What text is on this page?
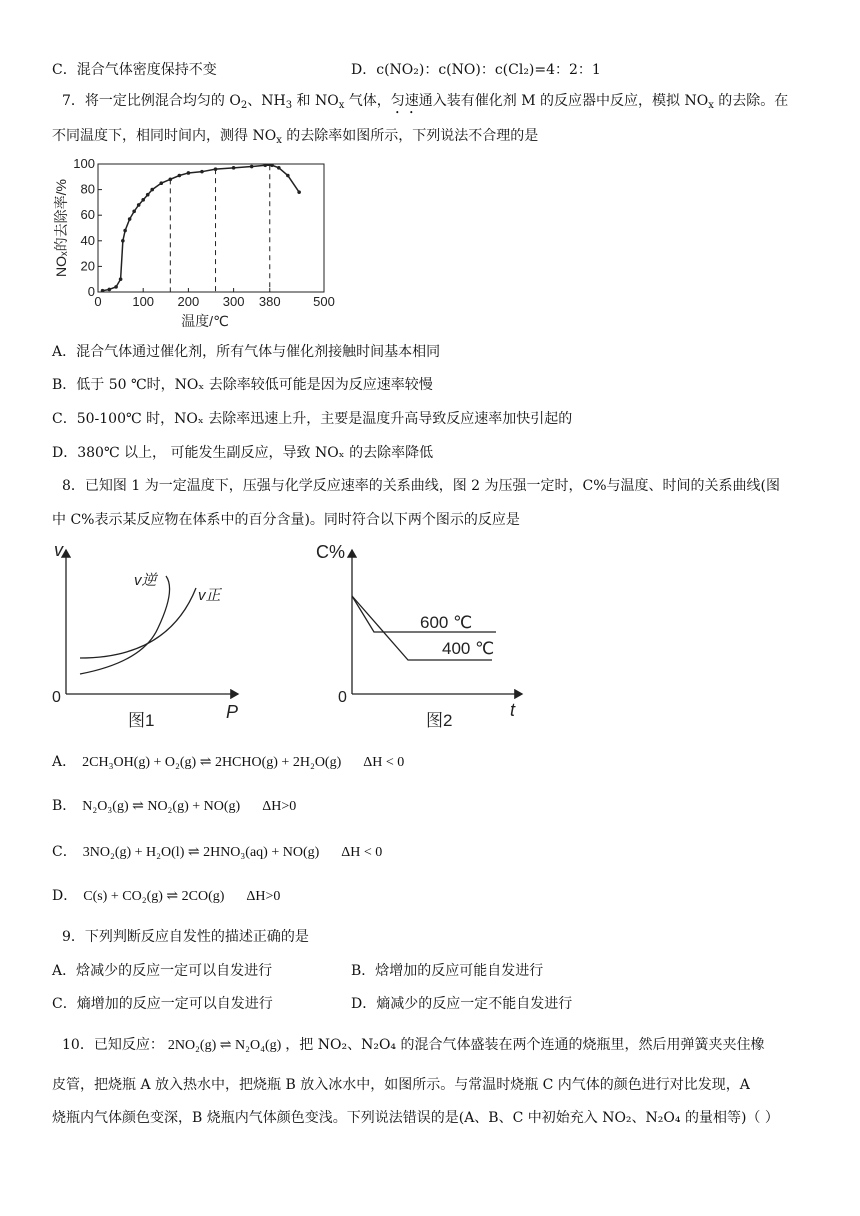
C．混合气体密度保持不变	D．c(NO₂)：c(NO)：c(Cl₂)=4：2：1
7．将一定比例混合均匀的 $O_2$、$NH_3$ 和 $NO_x$ 气体，匀速通入装有催化剂 M 的反应器中反应，模拟 $NO_x$ 的去除。在
不同温度下，相同时间内，测得 $NO_x$ 的去除率如图所示，下列说法不合理的是
0 100 200 300 380	500
0
20
40
60
80
100
温度/℃
NOₓ的去除率/%
A．混合气体通过催化剂，所有气体与催化剂接触时间基本相同
B．低于 50 ℃时，NOₓ 去除率较低可能是因为反应速率较慢
C．50-100℃ 时，NOₓ 去除率迅速上升，主要是温度升高导致反应速率加快引起的
D．380℃ 以上， 可能发生副反应，导致 NOₓ 的去除率降低
8．已知图 1 为一定温度下，压强与化学反应速率的关系曲线，图 2 为压强一定时，C%与温度、时间的关系曲线(图
中 C%表示某反应物在体系中的百分含量)。同时符合以下两个图示的反应是
v
P
0
v逆
v正
图1
C%
t
0
600 ℃
400 ℃
图2
A． 2CH₃OH(g) + O₂(g) ⇌ 2HCHO(g) + 2H₂O(g) ΔH < 0
B． N₂O₃(g) ⇌ NO₂(g) + NO(g) ΔH>0
C． 3NO₂(g) + H₂O(l) ⇌ 2HNO₃(aq) + NO(g) ΔH < 0
D． C(s) + CO₂(g) ⇌ 2CO(g) ΔH>0
9．下列判断反应自发性的描述正确的是
A．焓减少的反应一定可以自发进行	B．焓增加的反应可能自发进行
C．熵增加的反应一定可以自发进行	D．熵减少的反应一定不能自发进行
10．已知反应： 2NO₂(g) ⇌ N₂O₄(g) ，把 NO₂、N₂O₄ 的混合气体盛装在两个连通的烧瓶里，然后用弹簧夹夹住橡
皮管，把烧瓶 A 放入热水中，把烧瓶 B 放入冰水中，如图所示。与常温时烧瓶 C 内气体的颜色进行对比发现，A
烧瓶内气体颜色变深，B 烧瓶内气体颜色变浅。下列说法错误的是(A、B、C 中初始充入 NO₂、N₂O₄ 的量相等)（ ）
